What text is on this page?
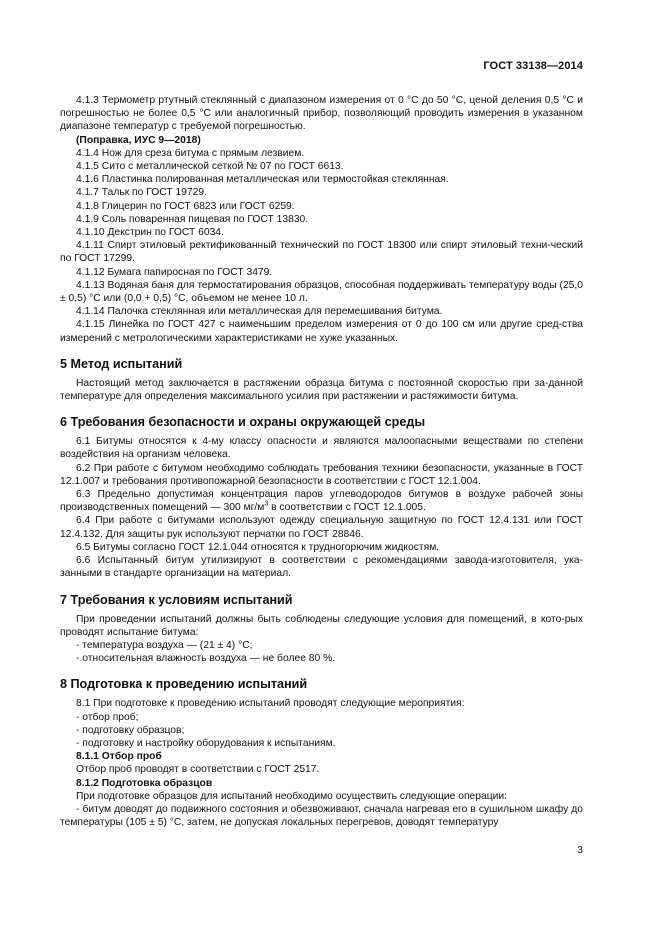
ГОСТ 33138—2014

4.1.3 Термометр ртутный стеклянный с диапазоном измерения от 0 °C до 50 °C, ценой деления 0,5 °C и погрешностью не более 0,5 °C или аналогичный прибор, позволяющий проводить измерения в указанном диапазоне температур с требуемой погрешностью.

(Поправка, ИУС 9—2018)

4.1.4 Нож для среза битума с прямым лезвием.

4.1.5 Сито с металлической сеткой № 07 по ГОСТ 6613.

4.1.6 Пластинка полированная металлическая или термостойкая стеклянная.

4.1.7 Тальк по ГОСТ 19729.

4.1.8 Глицерин по ГОСТ 6823 или ГОСТ 6259.

4.1.9 Соль поваренная пищевая по ГОСТ 13830.

4.1.10 Декстрин по ГОСТ 6034.

4.1.11 Спирт этиловый ректификованный технический по ГОСТ 18300 или спирт этиловый техни-ческий по ГОСТ 17299.

4.1.12 Бумага папиросная по ГОСТ 3479.

4.1.13 Водяная баня для термостатирования образцов, способная поддерживать температуру воды (25,0 ± 0,5) °C или (0,0 + 0,5) °C, объемом не менее 10 л.

4.1.14 Палочка стеклянная или металлическая для перемешивания битума.

4.1.15 Линейка по ГОСТ 427 с наименьшим пределом измерения от 0 до 100 см или другие сред-ства измерений с метрологическими характеристиками не хуже указанных.

5 Метод испытаний

Настоящий метод заключается в растяжении образца битума с постоянной скоростью при за-данной температуре для определения максимального усилия при растяжении и растяжимости битума.

6 Требования безопасности и охраны окружающей среды

6.1 Битумы относятся к 4-му классу опасности и являются малоопасными веществами по степени воздействия на организм человека.

6.2 При работе с битумом необходимо соблюдать требования техники безопасности, указанные в ГОСТ 12.1.007 и требования противопожарной безопасности в соответствии с ГОСТ 12.1.004.

6.3 Предельно допустимая концентрация паров углеводородов битумов в воздухе рабочей зоны производственных помещений — 300 $мг/м^3$ в соответствии с ГОСТ 12.1.005.

6.4 При работе с битумами используют одежду специальную защитную по ГОСТ 12.4.131 или ГОСТ 12.4.132. Для защиты рук используют перчатки по ГОСТ 28846.

6.5 Битумы согласно ГОСТ 12.1.044 относятся к трудногорючим жидкостям.

6.6 Испытанный битум утилизируют в соответствии с рекомендациями завода-изготовителя, ука-занными в стандарте организации на материал.

7 Требования к условиям испытаний

При проведении испытаний должны быть соблюдены следующие условия для помещений, в кото-рых проводят испытание битума:

- температура воздуха — (21 ± 4) °C;

- относительная влажность воздуха — не более 80 %.

8 Подготовка к проведению испытаний

8.1 При подготовке к проведению испытаний проводят следующие мероприятия:

- отбор проб;

- подготовку образцов;

- подготовку и настройку оборудования к испытаниям.

8.1.1 Отбор проб

Отбор проб проводят в соответствии с ГОСТ 2517.

8.1.2 Подготовка образцов

При подготовке образцов для испытаний необходимо осуществить следующие операции:

- битум доводят до подвижного состояния и обезвоживают, сначала нагревая его в сушильном шкафу до температуры (105 ± 5) °C, затем, не допуская локальных перегревов, доводят температуру

3
